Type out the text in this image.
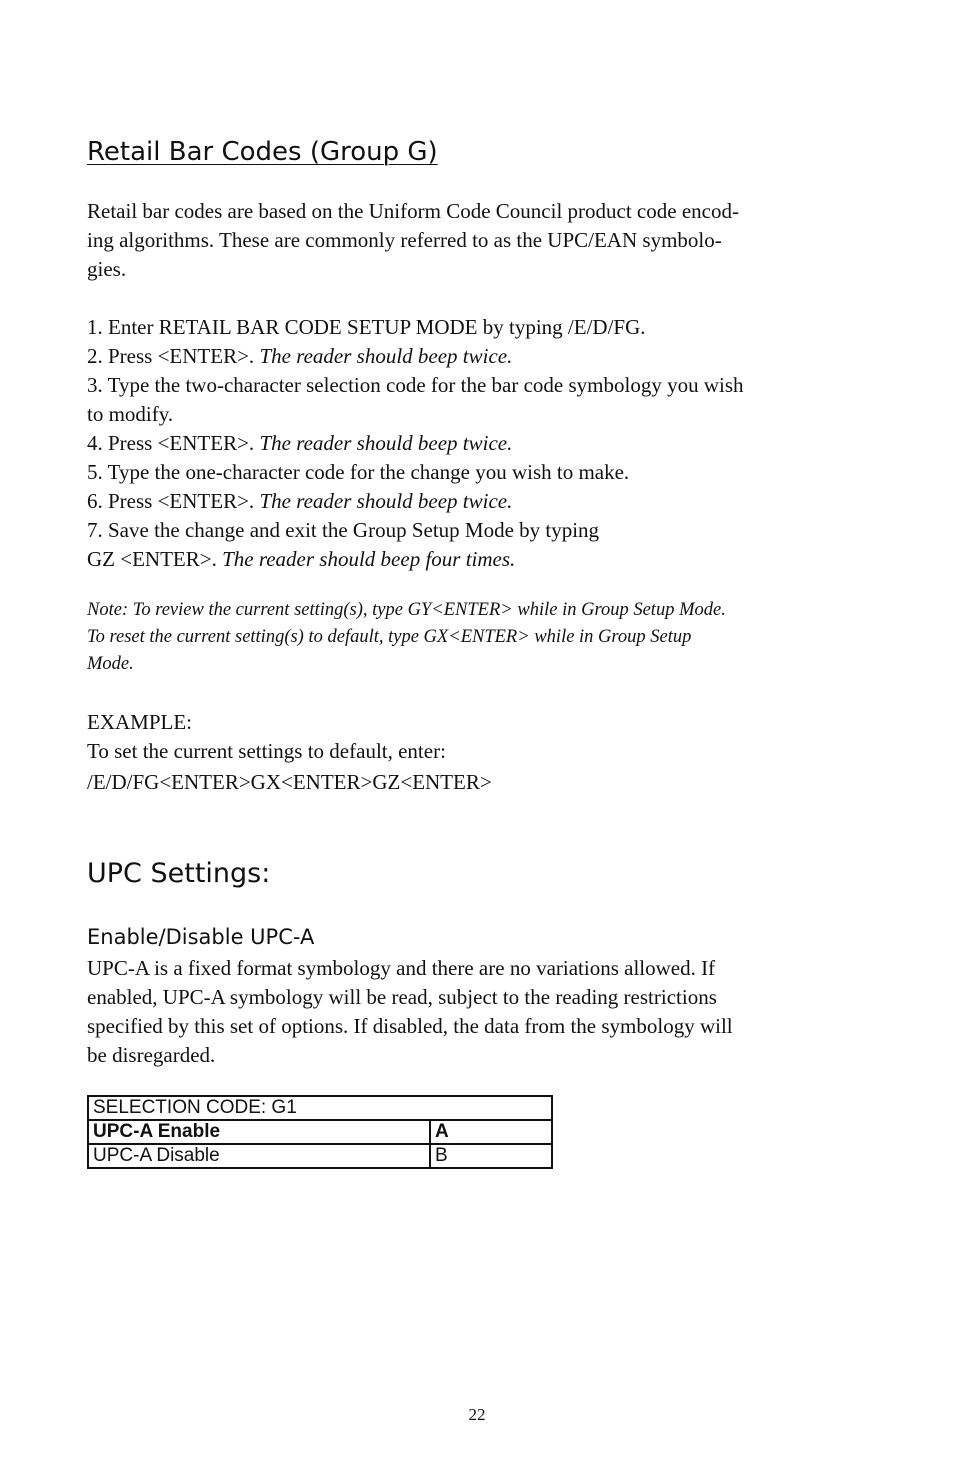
Retail Bar Codes (Group G)
Retail bar codes are based on the Uniform Code Council product code encod-
ing algorithms. These are commonly referred to as the UPC/EAN symbolo-
gies.

1. Enter RETAIL BAR CODE SETUP MODE by typing /E/D/FG.

2. Press <ENTER>. The reader should beep twice.

3. Type the two-character selection code for the bar code symbology you wish

to modify.

4. Press <ENTER>. The reader should beep twice.

5. Type the one-character code for the change you wish to make.

6. Press <ENTER>. The reader should beep twice.

7. Save the change and exit the Group Setup Mode by typing

GZ <ENTER>. The reader should beep four times.

Note: To review the current setting(s), type GY<ENTER> while in Group Setup Mode.
To reset the current setting(s) to default, type GX<ENTER> while in Group Setup
Mode.

EXAMPLE:

To set the current settings to default, enter:

/E/D/FG<ENTER>GX<ENTER>GZ<ENTER>

UPC Settings:
Enable/Disable UPC-A
UPC-A is a fixed format symbology and there are no variations allowed. If
enabled, UPC-A symbology will be read, subject to the reading restrictions
specified by this set of options. If disabled, the data from the symbology will
be disregarded.
SELECTION CODE: G1	
UPC-A Enable	A
UPC-A Disable	B
22
